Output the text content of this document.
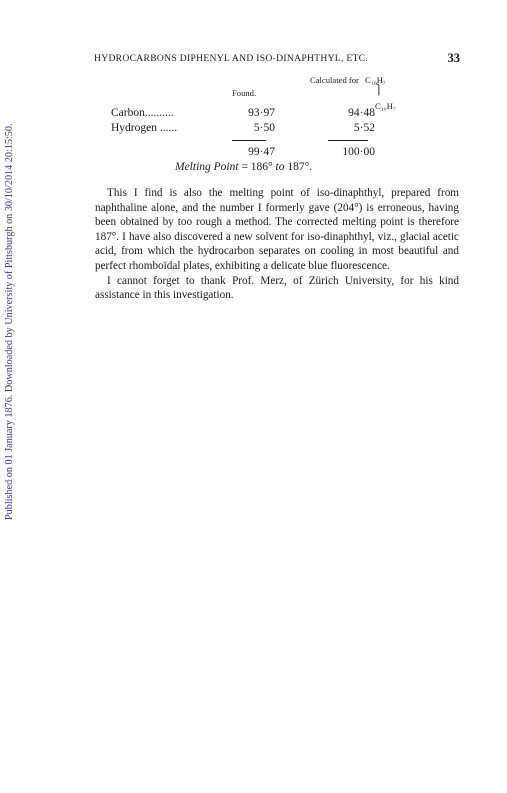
Published on 01 January 1876. Downloaded by University of Pittsburgh on 30/10/2014 20:15:50.
HYDROCARBONS DIPHENYL AND ISO-DINAPHTHYL, ETC.	33
Found.
Calculated for C₁₀H₇
⎫
C₁₀H₇
Carbon..........	93·97	94·48
Hydrogen ......	5·50	5·52
99·47	100·00
Melting Point = 186° to 187°.

This I find is also the melting point of iso-dinaphthyl, prepared from naphthaline alone, and the number I formerly gave (204°) is erroneous, having been obtained by too rough a method. The corrected melting point is therefore 187°. I have also discovered a new solvent for iso-dinaphthyl, viz., glacial acetic acid, from which the hydrocarbon separates on cooling in most beautiful and perfect rhomboïdal plates, exhibiting a delicate blue fluorescence.

I cannot forget to thank Prof. Merz, of Zürich University, for his kind assistance in this investigation.
